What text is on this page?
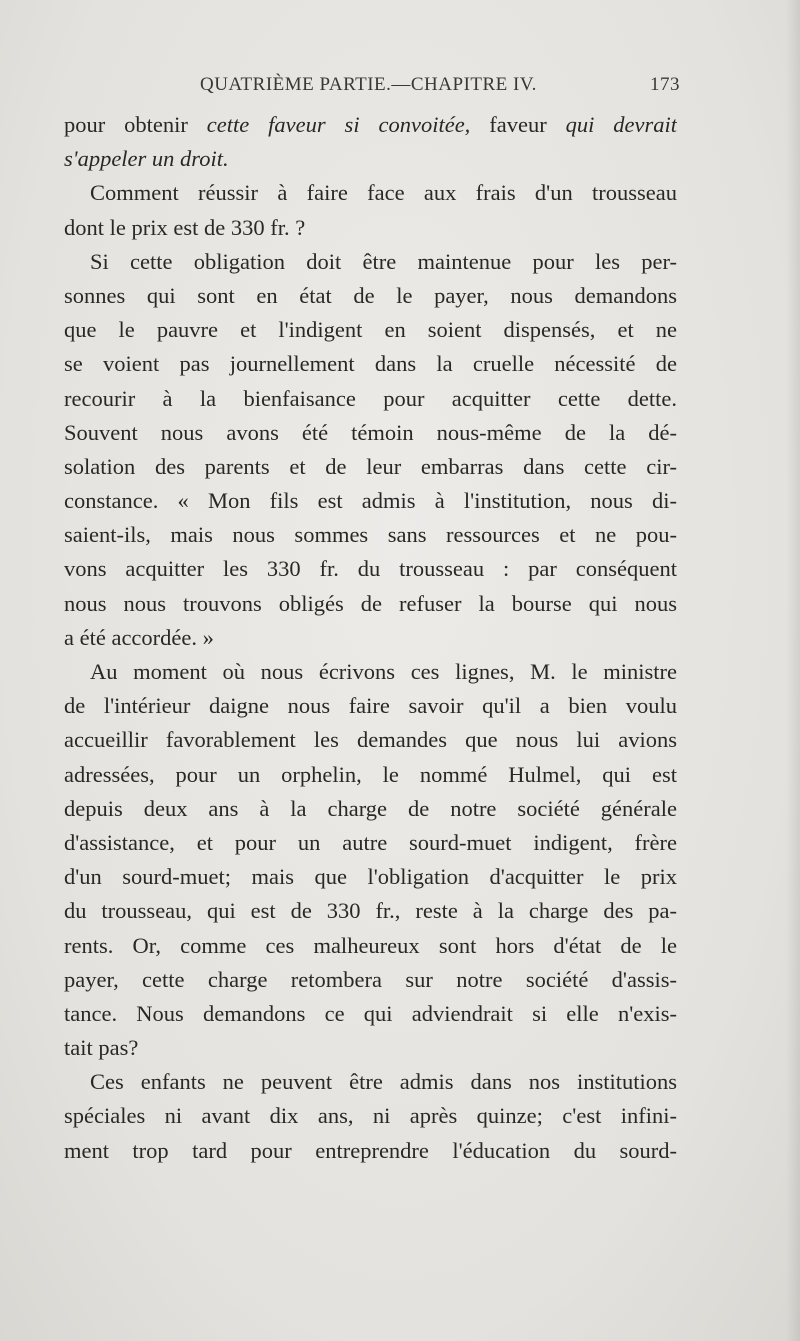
QUATRIÈME PARTIE.—CHAPITRE IV.	173
pour obtenir cette faveur si convoitée, faveur qui devrait
s'appeler un droit.
Comment réussir à faire face aux frais d'un trousseau
dont le prix est de 330 fr. ?
Si cette obligation doit être maintenue pour les per-
sonnes qui sont en état de le payer, nous demandons
que le pauvre et l'indigent en soient dispensés, et ne
se voient pas journellement dans la cruelle nécessité de
recourir à la bienfaisance pour acquitter cette dette.
Souvent nous avons été témoin nous-même de la dé-
solation des parents et de leur embarras dans cette cir-
constance. « Mon fils est admis à l'institution, nous di-
saient-ils, mais nous sommes sans ressources et ne pou-
vons acquitter les 330 fr. du trousseau : par conséquent
nous nous trouvons obligés de refuser la bourse qui nous
a été accordée. »
Au moment où nous écrivons ces lignes, M. le ministre
de l'intérieur daigne nous faire savoir qu'il a bien voulu
accueillir favorablement les demandes que nous lui avions
adressées, pour un orphelin, le nommé Hulmel, qui est
depuis deux ans à la charge de notre société générale
d'assistance, et pour un autre sourd-muet indigent, frère
d'un sourd-muet; mais que l'obligation d'acquitter le prix
du trousseau, qui est de 330 fr., reste à la charge des pa-
rents. Or, comme ces malheureux sont hors d'état de le
payer, cette charge retombera sur notre société d'assis-
tance. Nous demandons ce qui adviendrait si elle n'exis-
tait pas?
Ces enfants ne peuvent être admis dans nos institutions
spéciales ni avant dix ans, ni après quinze; c'est infini-
ment trop tard pour entreprendre l'éducation du sourd-
